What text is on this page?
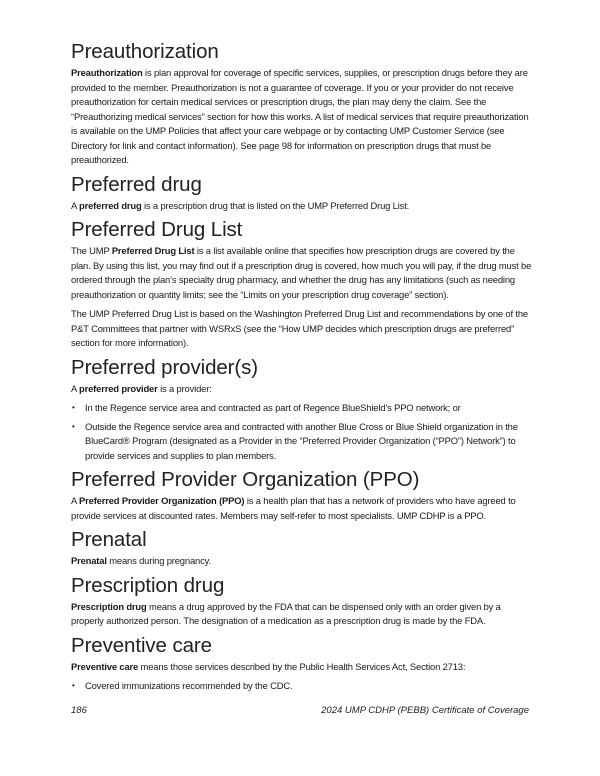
Preauthorization

Preauthorization is plan approval for coverage of specific services, supplies, or prescription drugs before they are provided to the member. Preauthorization is not a guarantee of coverage. If you or your provider do not receive preauthorization for certain medical services or prescription drugs, the plan may deny the claim. See the “Preauthorizing medical services” section for how this works. A list of medical services that require preauthorization is available on the UMP Policies that affect your care webpage or by contacting UMP Customer Service (see Directory for link and contact information). See page 98 for information on prescription drugs that must be preauthorized.

Preferred drug

A preferred drug is a prescription drug that is listed on the UMP Preferred Drug List.

Preferred Drug List

The UMP Preferred Drug List is a list available online that specifies how prescription drugs are covered by the plan. By using this list, you may find out if a prescription drug is covered, how much you will pay, if the drug must be ordered through the plan’s specialty drug pharmacy, and whether the drug has any limitations (such as needing preauthorization or quantity limits; see the “Limits on your prescription drug coverage” section).

The UMP Preferred Drug List is based on the Washington Preferred Drug List and recommendations by one of the P&T Committees that partner with WSRxS (see the “How UMP decides which prescription drugs are preferred” section for more information).

Preferred provider(s)

A preferred provider is a provider:

• In the Regence service area and contracted as part of Regence BlueShield’s PPO network; or
• Outside the Regence service area and contracted with another Blue Cross or Blue Shield organization in the BlueCard® Program (designated as a Provider in the “Preferred Provider Organization (“PPO”) Network”) to provide services and supplies to plan members.
Preferred Provider Organization (PPO)

A Preferred Provider Organization (PPO) is a health plan that has a network of providers who have agreed to provide services at discounted rates. Members may self-refer to most specialists. UMP CDHP is a PPO.

Prenatal

Prenatal means during pregnancy.

Prescription drug

Prescription drug means a drug approved by the FDA that can be dispensed only with an order given by a properly authorized person. The designation of a medication as a prescription drug is made by the FDA.

Preventive care

Preventive care means those services described by the Public Health Services Act, Section 2713:

• Covered immunizations recommended by the CDC.
186	2024 UMP CDHP (PEBB) Certificate of Coverage
